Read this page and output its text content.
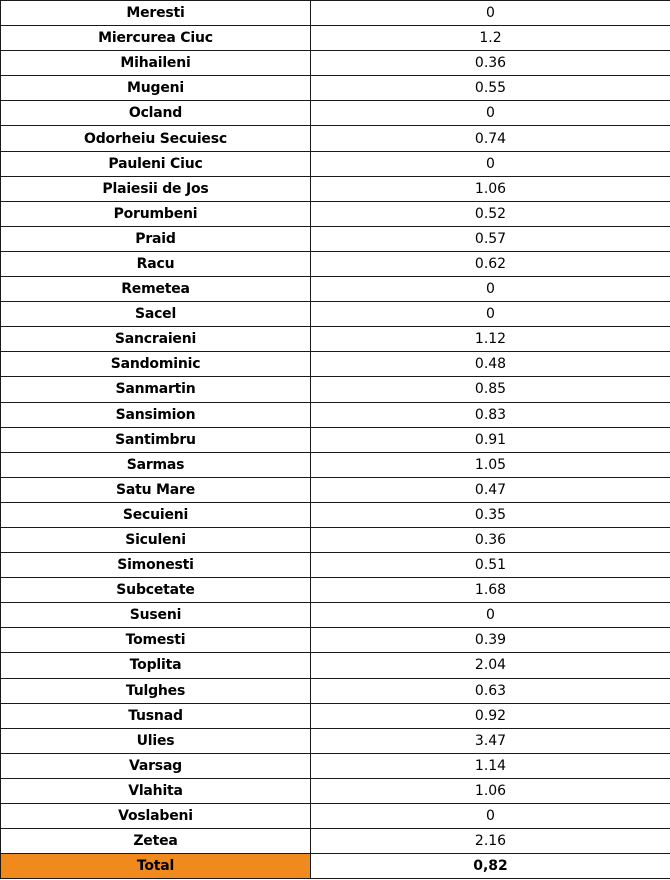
Meresti	0
Miercurea Ciuc	1.2
Mihaileni	0.36
Mugeni	0.55
Ocland	0
Odorheiu Secuiesc	0.74
Pauleni Ciuc	0
Plaiesii de Jos	1.06
Porumbeni	0.52
Praid	0.57
Racu	0.62
Remetea	0
Sacel	0
Sancraieni	1.12
Sandominic	0.48
Sanmartin	0.85
Sansimion	0.83
Santimbru	0.91
Sarmas	1.05
Satu Mare	0.47
Secuieni	0.35
Siculeni	0.36
Simonesti	0.51
Subcetate	1.68
Suseni	0
Tomesti	0.39
Toplita	2.04
Tulghes	0.63
Tusnad	0.92
Ulies	3.47
Varsag	1.14
Vlahita	1.06
Voslabeni	0
Zetea	2.16
Total	0,82
